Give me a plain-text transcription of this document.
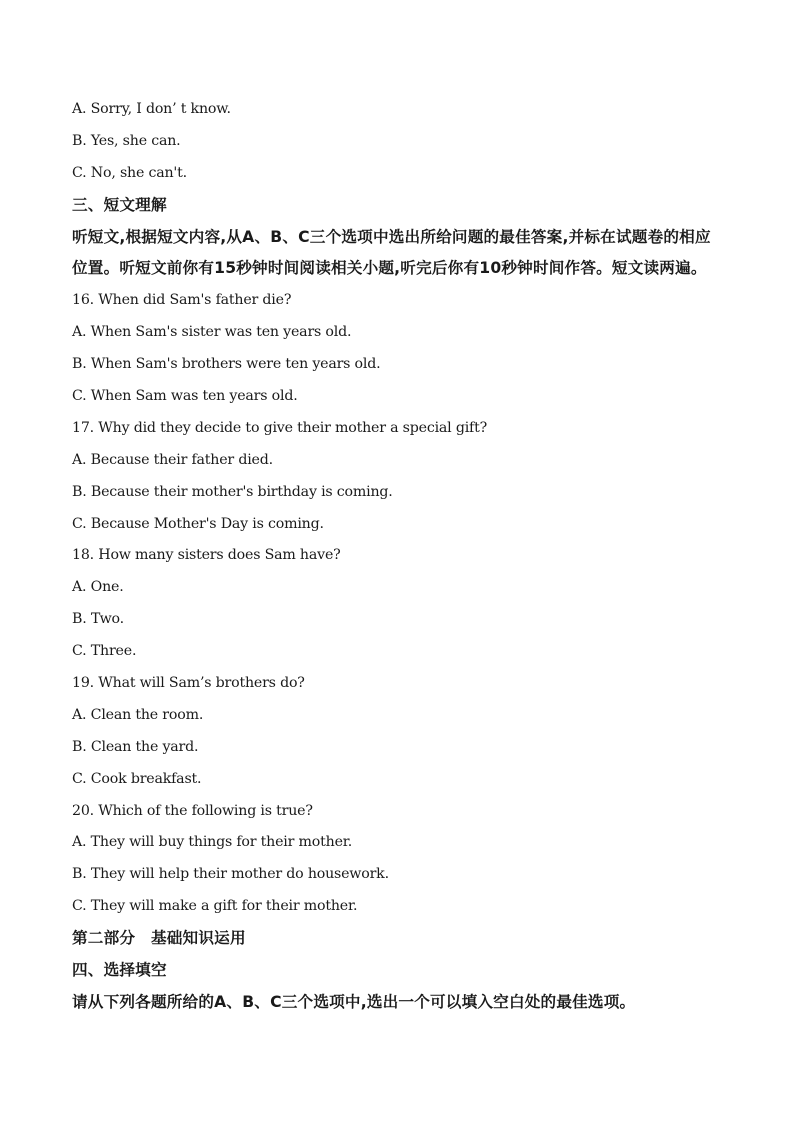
A. Sorry, I don’ t know.
B. Yes, she can.
C. No, she can't.
三、短文理解
听短文,根据短文内容,从A、B、C三个选项中选出所给问题的最佳答案,并标在试题卷的相应
位置。听短文前你有15秒钟时间阅读相关小题,听完后你有10秒钟时间作答。短文读两遍。
16. When did Sam's father die?
A. When Sam's sister was ten years old.
B. When Sam's brothers were ten years old.
C. When Sam was ten years old.
17. Why did they decide to give their mother a special gift?
A. Because their father died.
B. Because their mother's birthday is coming.
C. Because Mother's Day is coming.
18. How many sisters does Sam have?
A. One.
B. Two.
C. Three.
19. What will Sam’s brothers do?
A. Clean the room.
B. Clean the yard.
C. Cook breakfast.
20. Which of the following is true?
A. They will buy things for their mother.
B. They will help their mother do housework.
C. They will make a gift for their mother.
第二部分　基础知识运用
四、选择填空
请从下列各题所给的A、B、C三个选项中,选出一个可以填入空白处的最佳选项。
